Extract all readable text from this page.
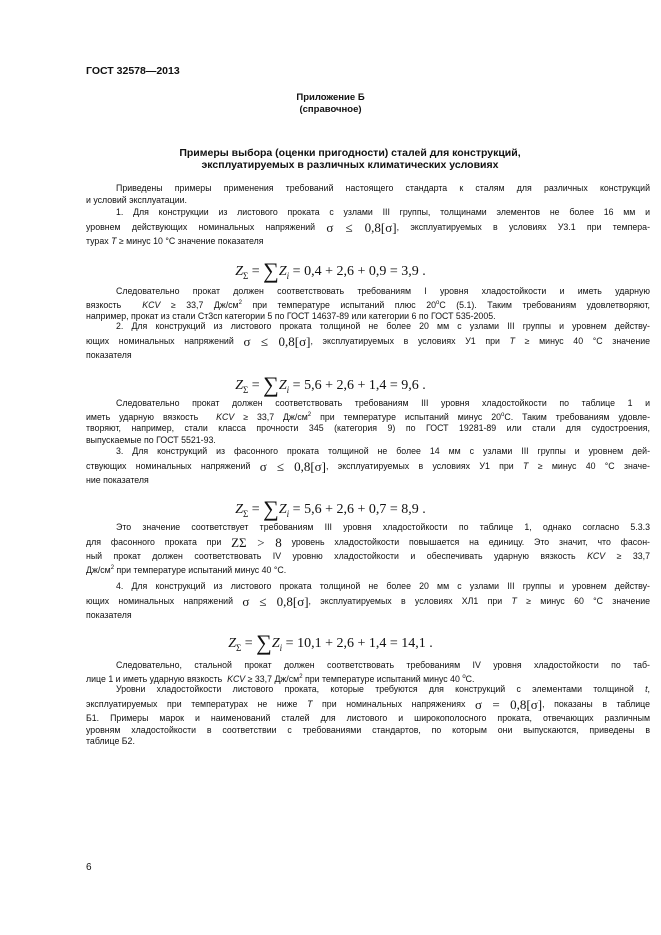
ГОСТ 32578—2013
Приложение Б
(справочное)
Примеры выбора (оценки пригодности) сталей для конструкций,
эксплуатируемых в различных климатических условиях
Приведены примеры применения требований настоящего стандарта к сталям для различных конструкций
и условий эксплуатации.
1. Для конструкции из листового проката с узлами III группы, толщинами элементов не более 16 мм и
уровнем действующих номинальных напряжений σ ≤ 0,8[σ], эксплуатируемых в условиях У3.1 при темпера-
турах T ≥ минус 10 °C значение показателя
$Z_\Sigma = \sum Z_i = 0,4 + 2,6 + 0,9 = 3,9$ .
Следовательно прокат должен соответствовать требованиям I уровня хладостойкости и иметь ударную
вязкость KCV ≥ 33,7 $Дж/см^2$ при температуре испытаний плюс 20$^o$С (5.1). Таким требованиям удовлетворяют,
например, прокат из стали Ст3сп категории 5 по ГОСТ 14637-89 или категории 6 по ГОСТ 535-2005.
2. Для конструкций из листового проката толщиной не более 20 мм с узлами III группы и уровнем действу-
ющих номинальных напряжений σ ≤ 0,8[σ], эксплуатируемых в условиях У1 при T ≥ минус 40 °C значение
показателя
$Z_\Sigma = \sum Z_i = 5,6 + 2,6 + 1,4 = 9,6$ .
Следовательно прокат должен соответствовать требованиям III уровня хладостойкости по таблице 1 и
иметь ударную вязкость KCV ≥ 33,7 $Дж/см^2$ при температуре испытаний минус 20$^o$С. Таким требованиям удовле-
творяют, например, стали класса прочности 345 (категория 9) по ГОСТ 19281-89 или стали для судостроения,
выпускаемые по ГОСТ 5521-93.
3. Для конструкций из фасонного проката толщиной не более 14 мм с узлами III группы и уровнем дей-
ствующих номинальных напряжений σ ≤ 0,8[σ], эксплуатируемых в условиях У1 при T ≥ минус 40 °C значе-
ние показателя
$Z_\Sigma = \sum Z_i = 5,6 + 2,6 + 0,7 = 8,9$ .
Это значение соответствует требованиям III уровня хладостойкости по таблице 1, однако согласно 5.3.3
для фасонного проката при ZΣ > 8 уровень хладостойкости повышается на единицу. Это значит, что фасон-
ный прокат должен соответствовать IV уровню хладостойкости и обеспечивать ударную вязкость KCV ≥ 33,7
$Дж/см^2$ при температуре испытаний минус 40 °С.
4. Для конструкций из листового проката толщиной не более 20 мм с узлами III группы и уровнем действу-
ющих номинальных напряжений σ ≤ 0,8[σ], эксплуатируемых в условиях ХЛ1 при T ≥ минус 60 °C значение
показателя
$Z_\Sigma = \sum Z_i = 10,1 + 2,6 + 1,4 = 14,1$ .
Следовательно, стальной прокат должен соответствовать требованиям IV уровня хладостойкости по таб-
лице 1 и иметь ударную вязкость KCV ≥ 33,7 $Дж/см^2$ при температуре испытаний минус 40 $^o$С.
Уровни хладостойкости листового проката, которые требуются для конструкций с элементами толщиной t,
эксплуатируемых при температурах не ниже T при номинальных напряжениях σ = 0,8[σ], показаны в таблице
Б1. Примеры марок и наименований сталей для листового и широкополосного проката, отвечающих различным
уровням хладостойкости в соответствии с требованиями стандартов, по которым они выпускаются, приведены в
таблице Б2.
6
